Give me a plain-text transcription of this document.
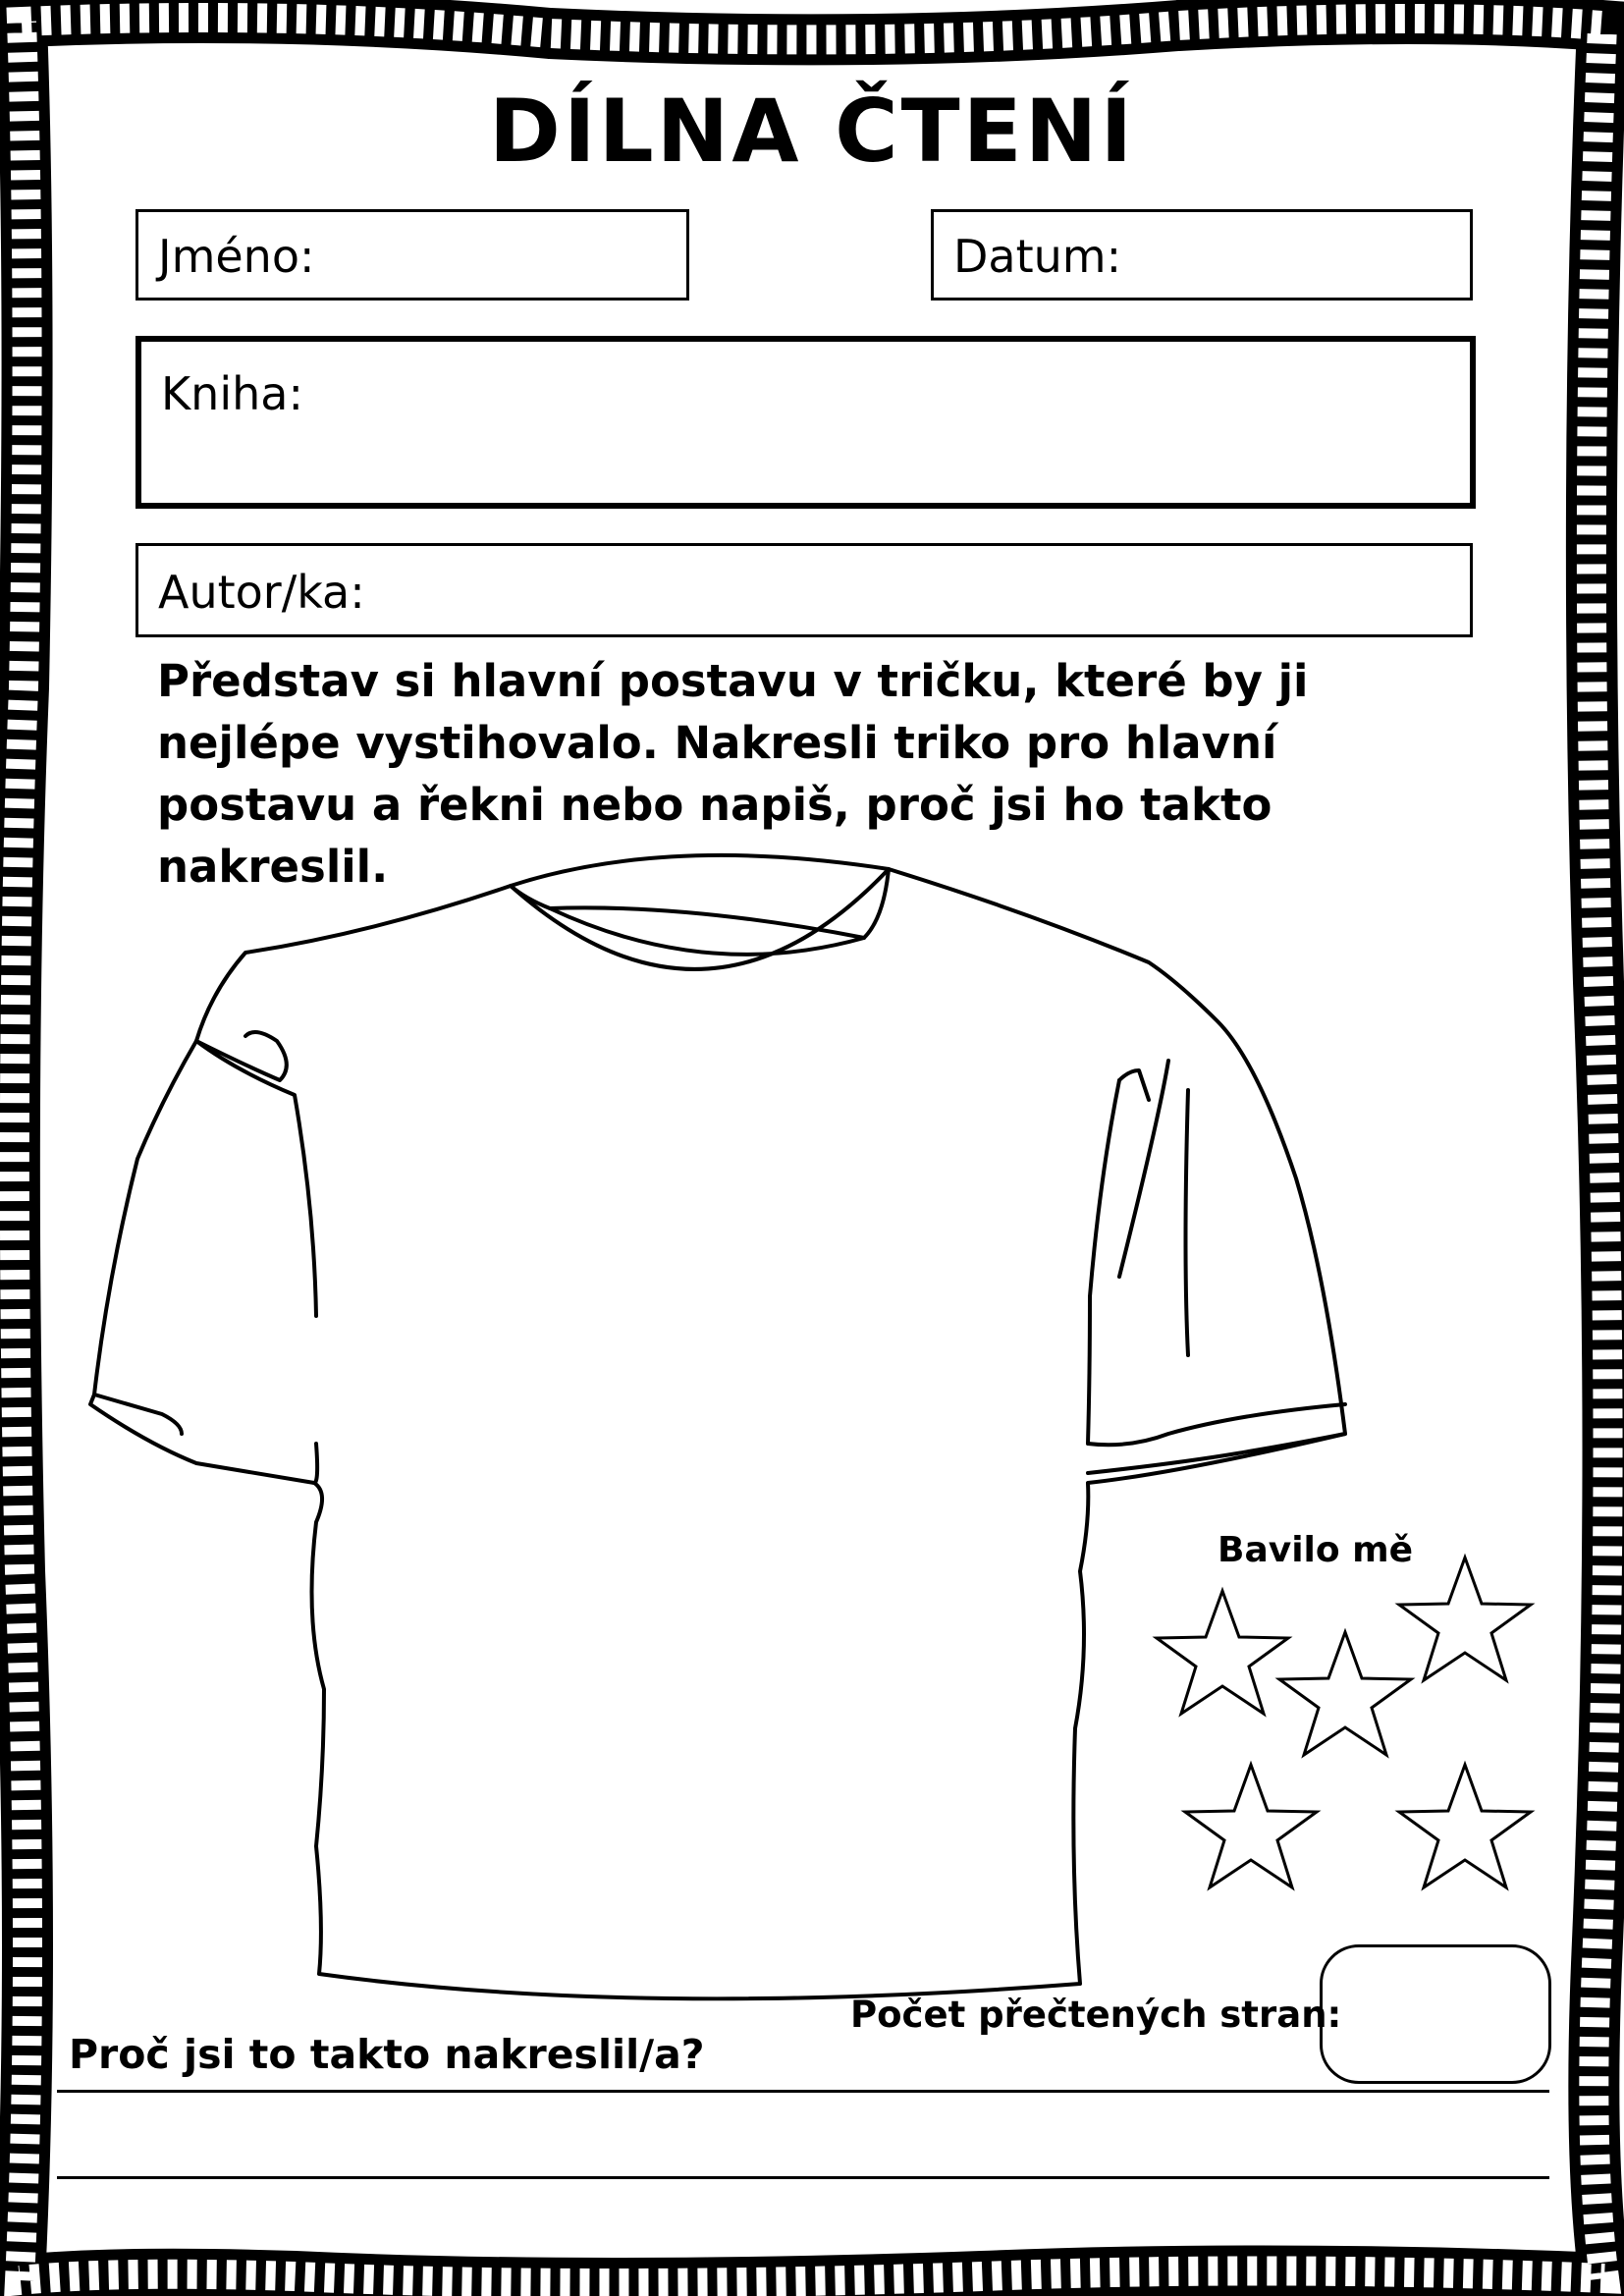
DÍLNA ČTENÍ
Jméno:	Datum:
Kniha:
Autor/ka:
Představ si hlavní postavu v tričku, které by ji nejlépe vystihovalo. Nakresli triko pro hlavní postavu a řekni nebo napiš, proč jsi ho takto nakreslil.
Bavilo mě
Počet přečtených stran:
Proč jsi to takto nakreslil/a?
